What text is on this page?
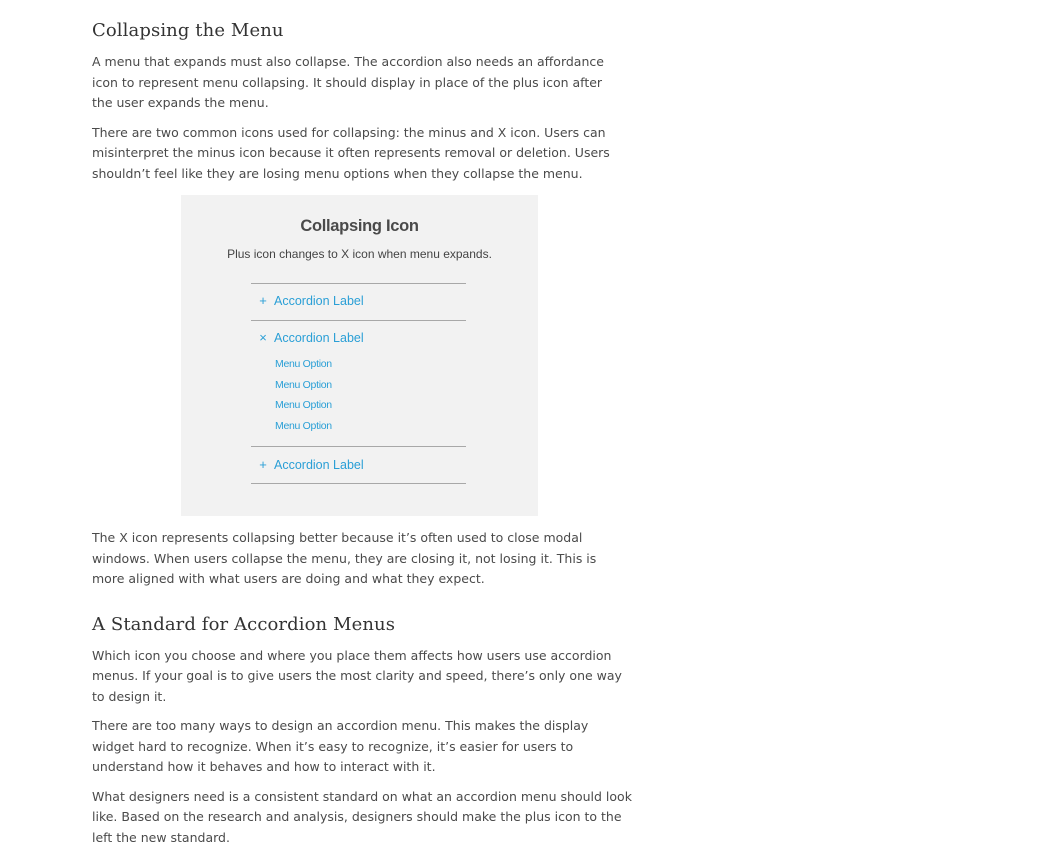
Collapsing the Menu

A menu that expands must also collapse. The accordion also needs an affordance icon to represent menu collapsing. It should display in place of the plus icon after the user expands the menu.

There are two common icons used for collapsing: the minus and X icon. Users can misinterpret the minus icon because it often represents removal or deletion. Users shouldn’t feel like they are losing menu options when they collapse the menu.

Collapsing Icon
Plus icon changes to X icon when menu expands.
+ Accordion Label
× Accordion Label
Menu Option
Menu Option
Menu Option
Menu Option
+ Accordion Label

The X icon represents collapsing better because it’s often used to close modal windows. When users collapse the menu, they are closing it, not losing it. This is more aligned with what users are doing and what they expect.

A Standard for Accordion Menus

Which icon you choose and where you place them affects how users use accordion menus. If your goal is to give users the most clarity and speed, there’s only one way to design it.

There are too many ways to design an accordion menu. This makes the display widget hard to recognize. When it’s easy to recognize, it’s easier for users to understand how it behaves and how to interact with it.

What designers need is a consistent standard on what an accordion menu should look like. Based on the research and analysis, designers should make the plus icon to the left the new standard.
